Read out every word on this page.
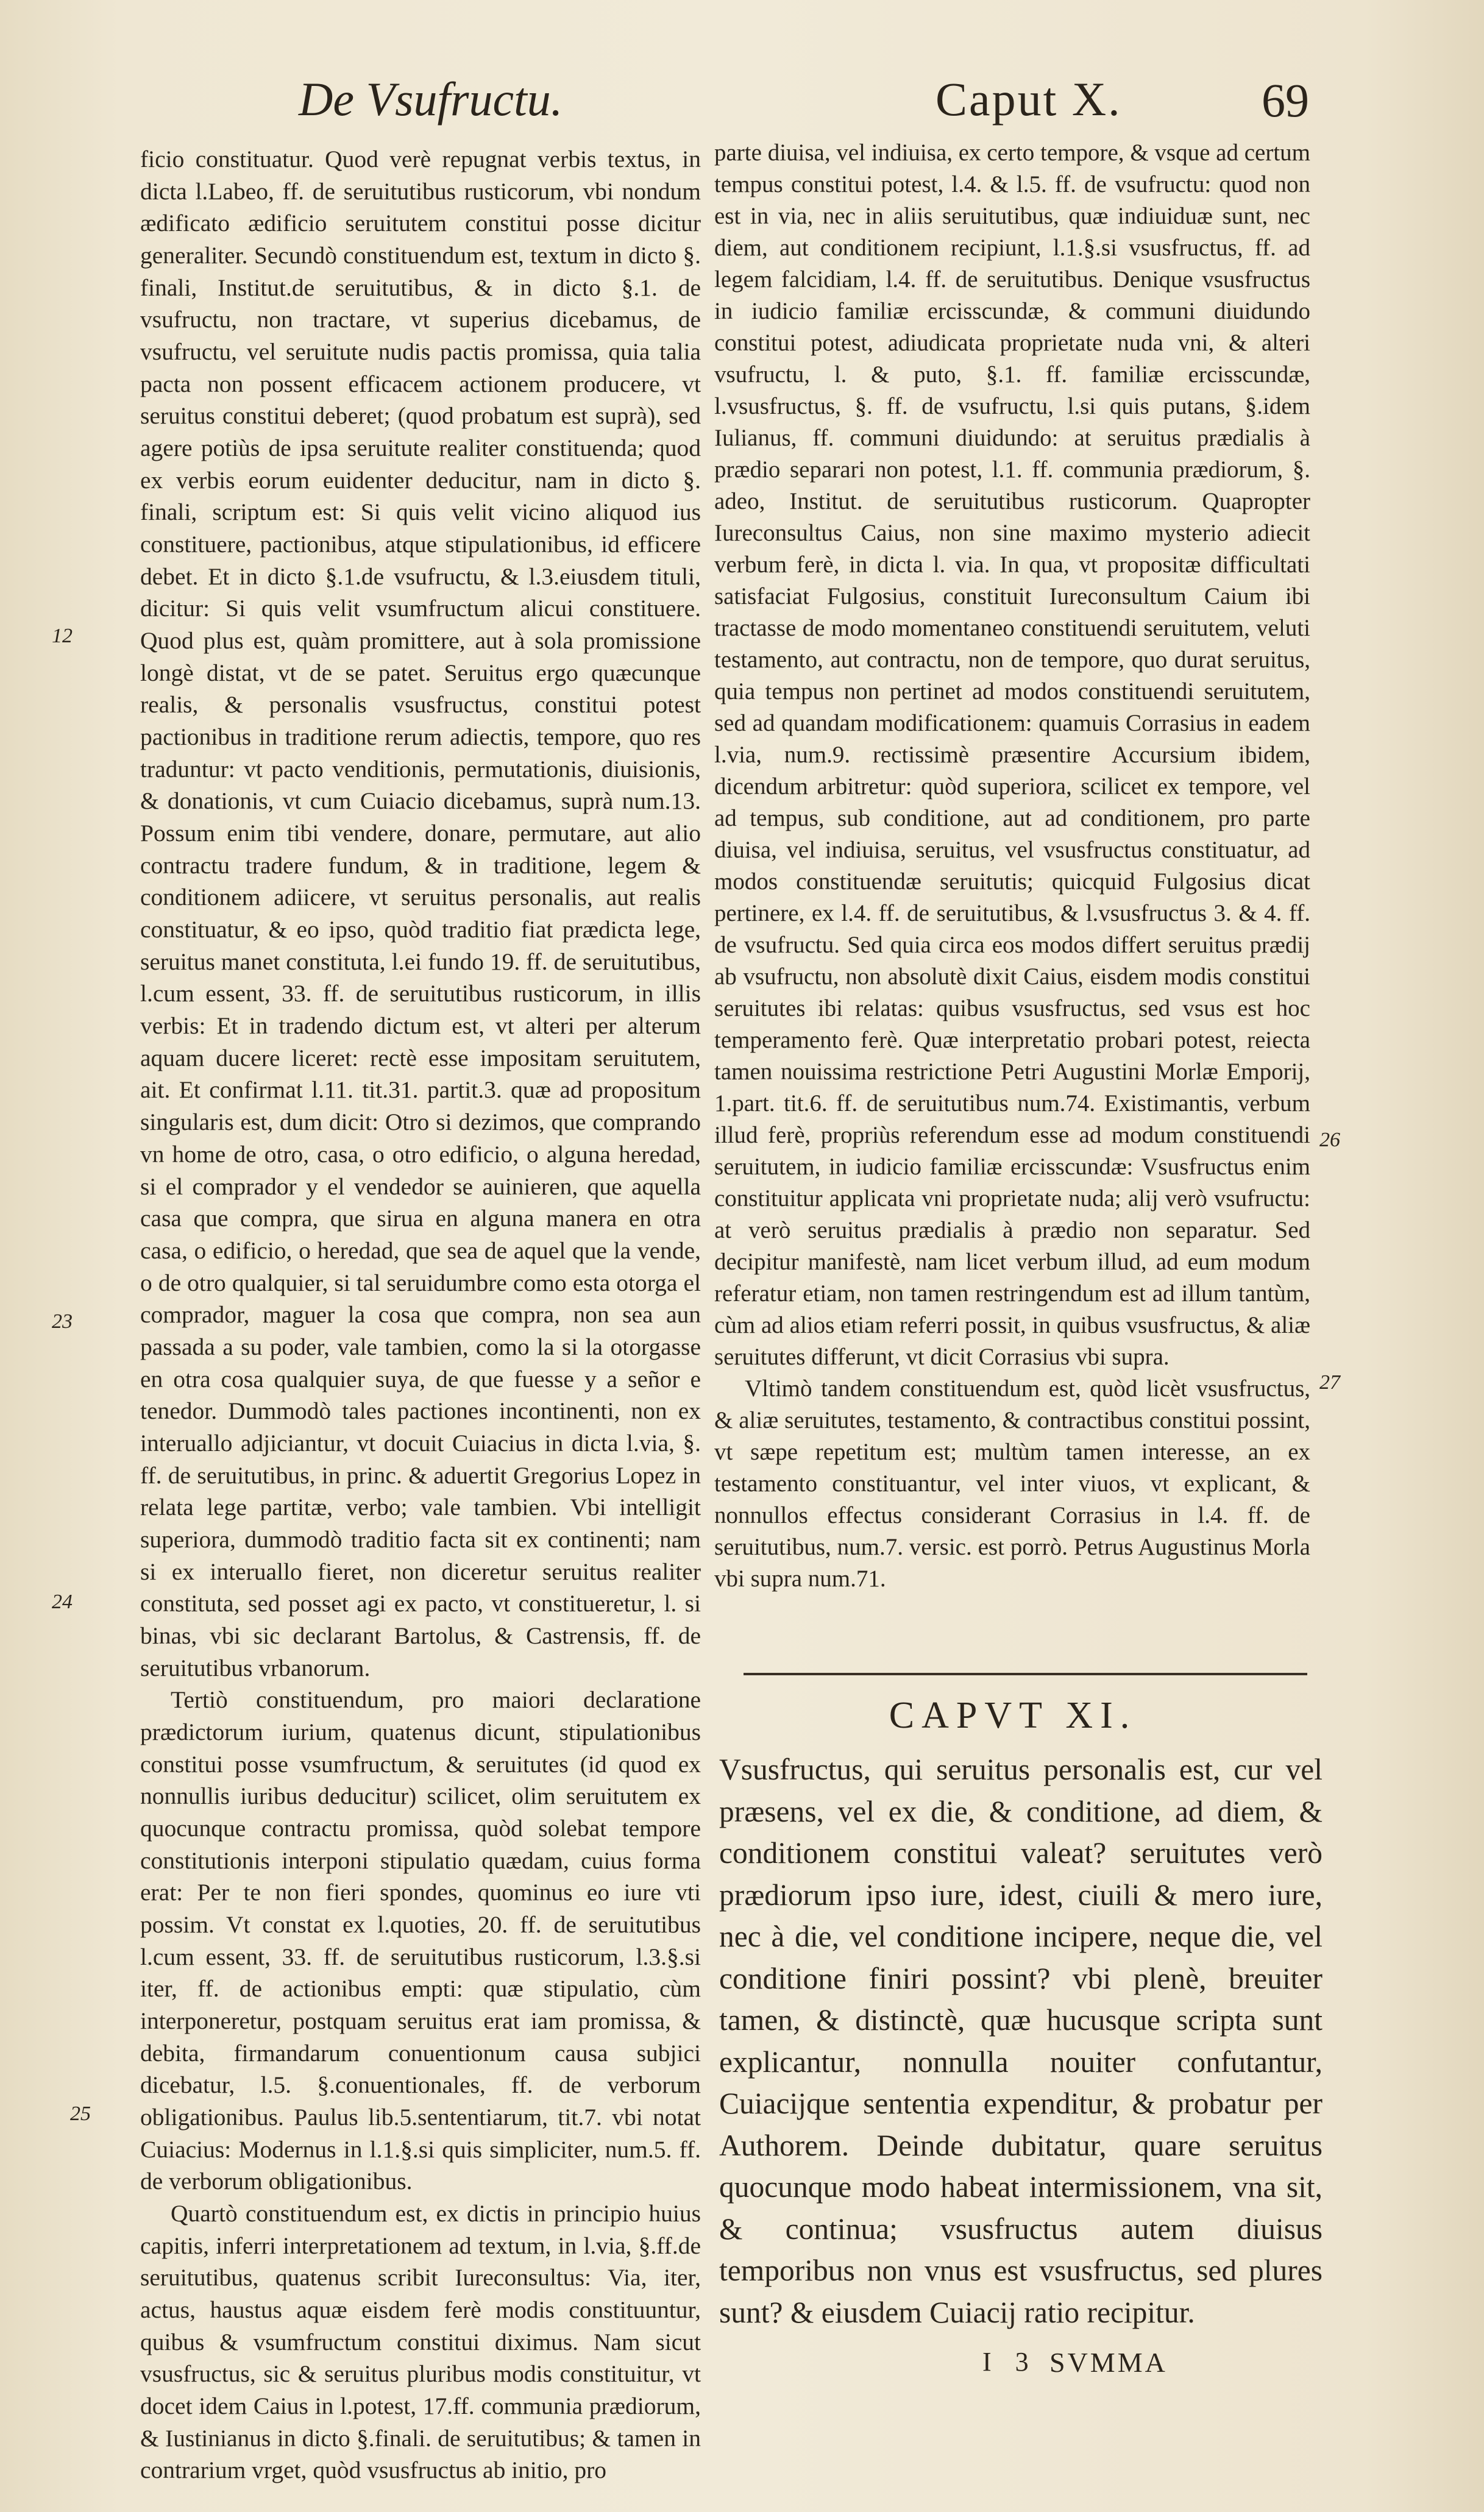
De Vsufructu.	Caput X.	69

ficio constituatur. Quod verè repugnat verbis textus, in dicta l.Labeo, ff. de seruitutibus rusticorum, vbi nondum ædificato ædificio seruitutem constitui posse dicitur generaliter. Secundò constituendum est, textum in dicto §. finali, Institut.de seruitutibus, & in dicto §.1. de vsufructu, non tractare, vt superius dicebamus, de vsufructu, vel seruitute nudis pactis promissa, quia talia pacta non possent efficacem actionem producere, vt seruitus constitui deberet; (quod probatum est suprà), sed agere potiùs de ipsa seruitute realiter constituenda; quod ex verbis eorum euidenter deducitur, nam in dicto §. finali, scriptum est: Si quis velit vicino aliquod ius constituere, pactionibus, atque stipulationibus, id efficere debet. Et in dicto §.1.de vsufructu, & l.3.eiusdem tituli, dicitur: Si quis velit vsumfructum alicui constituere. Quod plus est, quàm promittere, aut à sola promissione longè distat, vt de se patet. Seruitus ergo quæcunque realis, & personalis vsusfructus, constitui potest pactionibus in traditione rerum adiectis, tempore, quo res traduntur: vt pacto venditionis, permutationis, diuisionis, & donationis, vt cum Cuiacio dicebamus, suprà num.13. Possum enim tibi vendere, donare, permutare, aut alio contractu tradere fundum, & in traditione, legem & conditionem adiicere, vt seruitus personalis, aut realis constituatur, & eo ipso, quòd traditio fiat prædicta lege, seruitus manet constituta, l.ei fundo 19. ff. de seruitutibus, l.cum essent, 33. ff. de seruitutibus rusticorum, in illis verbis: Et in tradendo dictum est, vt alteri per alterum aquam ducere liceret: rectè esse impositam seruitutem, ait. Et confirmat l.11. tit.31. partit.3. quæ ad propositum singularis est, dum dicit: Otro si dezimos, que comprando vn home de otro, casa, o otro edificio, o alguna heredad, si el comprador y el vendedor se auinieren, que aquella casa que compra, que sirua en alguna manera en otra casa, o edificio, o heredad, que sea de aquel que la vende, o de otro qualquier, si tal seruidumbre como esta otorga el comprador, maguer la cosa que compra, non sea aun passada a su poder, vale tambien, como la si la otorgasse en otra cosa qualquier suya, de que fuesse y a señor e tenedor. Dummodò tales pactiones incontinenti, non ex interuallo adjiciantur, vt docuit Cuiacius in dicta l.via, §. ff. de seruitutibus, in princ. & aduertit Gregorius Lopez in relata lege partitæ, verbo; vale tambien. Vbi intelligit superiora, dummodò traditio facta sit ex continenti; nam si ex interuallo fieret, non diceretur seruitus realiter constituta, sed posset agi ex pacto, vt constitueretur, l. si binas, vbi sic declarant Bartolus, & Castrensis, ff. de seruitutibus vrbanorum.

Tertiò constituendum, pro maiori declaratione prædictorum iurium, quatenus dicunt, stipulationibus constitui posse vsumfructum, & seruitutes (id quod ex nonnullis iuribus deducitur) scilicet, olim seruitutem ex quocunque contractu promissa, quòd solebat tempore constitutionis interponi stipulatio quædam, cuius forma erat: Per te non fieri spondes, quominus eo iure vti possim. Vt constat ex l.quoties, 20. ff. de seruitutibus l.cum essent, 33. ff. de seruitutibus rusticorum, l.3.§.si iter, ff. de actionibus empti: quæ stipulatio, cùm interponeretur, postquam seruitus erat iam promissa, & debita, firmandarum conuentionum causa subjici dicebatur, l.5. §.conuentionales, ff. de verborum obligationibus. Paulus lib.5.sententiarum, tit.7. vbi notat Cuiacius: Modernus in l.1.§.si quis simpliciter, num.5. ff. de verborum obligationibus.

Quartò constituendum est, ex dictis in principio huius capitis, inferri interpretationem ad textum, in l.via, §.ff.de seruitutibus, quatenus scribit Iureconsultus: Via, iter, actus, haustus aquæ eisdem ferè modis constituuntur, quibus & vsumfructum constitui diximus. Nam sicut vsusfructus, sic & seruitus pluribus modis constituitur, vt docet idem Caius in l.potest, 17.ff. communia prædiorum, & Iustinianus in dicto §.finali. de seruitutibus; & tamen in contrarium vrget, quòd vsusfructus ab initio, pro

12
23
24
25

parte diuisa, vel indiuisa, ex certo tempore, & vsque ad certum tempus constitui potest, l.4. & l.5. ff. de vsufructu: quod non est in via, nec in aliis seruitutibus, quæ indiuiduæ sunt, nec diem, aut conditionem recipiunt, l.1.§.si vsusfructus, ff. ad legem falcidiam, l.4. ff. de seruitutibus. Denique vsusfructus in iudicio familiæ ercisscundæ, & communi diuidundo constitui potest, adiudicata proprietate nuda vni, & alteri vsufructu, l. & puto, §.1. ff. familiæ ercisscundæ, l.vsusfructus, §. ff. de vsufructu, l.si quis putans, §.idem Iulianus, ff. communi diuidundo: at seruitus prædialis à prædio separari non potest, l.1. ff. communia prædiorum, §. adeo, Institut. de seruitutibus rusticorum. Quapropter Iureconsultus Caius, non sine maximo mysterio adiecit verbum ferè, in dicta l. via. In qua, vt propositæ difficultati satisfaciat Fulgosius, constituit Iureconsultum Caium ibi tractasse de modo momentaneo constituendi seruitutem, veluti testamento, aut contractu, non de tempore, quo durat seruitus, quia tempus non pertinet ad modos constituendi seruitutem, sed ad quandam modificationem: quamuis Corrasius in eadem l.via, num.9. rectissimè præsentire Accursium ibidem, dicendum arbitretur: quòd superiora, scilicet ex tempore, vel ad tempus, sub conditione, aut ad conditionem, pro parte diuisa, vel indiuisa, seruitus, vel vsusfructus constituatur, ad modos constituendæ seruitutis; quicquid Fulgosius dicat pertinere, ex l.4. ff. de seruitutibus, & l.vsusfructus 3. & 4. ff. de vsufructu. Sed quia circa eos modos differt seruitus prædij ab vsufructu, non absolutè dixit Caius, eisdem modis constitui seruitutes ibi relatas: quibus vsusfructus, sed vsus est hoc temperamento ferè. Quæ interpretatio probari potest, reiecta tamen nouissima restrictione Petri Augustini Morlæ Emporij, 1.part. tit.6. ff. de seruitutibus num.74. Existimantis, verbum illud ferè, propriùs referendum esse ad modum constituendi seruitutem, in iudicio familiæ ercisscundæ: Vsusfructus enim constituitur applicata vni proprietate nuda; alij verò vsufructu: at verò seruitus prædialis à prædio non separatur. Sed decipitur manifestè, nam licet verbum illud, ad eum modum referatur etiam, non tamen restringendum est ad illum tantùm, cùm ad alios etiam referri possit, in quibus vsusfructus, & aliæ seruitutes differunt, vt dicit Corrasius vbi supra.

Vltimò tandem constituendum est, quòd licèt vsusfructus, & aliæ seruitutes, testamento, & contractibus constitui possint, vt sæpe repetitum est; multùm tamen interesse, an ex testamento constituantur, vel inter viuos, vt explicant, & nonnullos effectus considerant Corrasius in l.4. ff. de seruitutibus, num.7. versic. est porrò. Petrus Augustinus Morla vbi supra num.71.

26
27
CAPVT XI.
Vsusfructus, qui seruitus personalis est, cur vel præsens, vel ex die, & conditione, ad diem, & conditionem constitui valeat? seruitutes verò prædiorum ipso iure, idest, ciuili & mero iure, nec à die, vel conditione incipere, neque die, vel conditione finiri possint? vbi plenè, breuiter tamen, & distinctè, quæ hucusque scripta sunt explicantur, nonnulla nouiter confutantur, Cuiacijque sententia expenditur, & probatur per Authorem. Deinde dubitatur, quare seruitus quocunque modo habeat intermissionem, vna sit, & continua; vsusfructus autem diuisus temporibus non vnus est vsusfructus, sed plures sunt? & eiusdem Cuiacij ratio recipitur.
I 3 SVMMA
